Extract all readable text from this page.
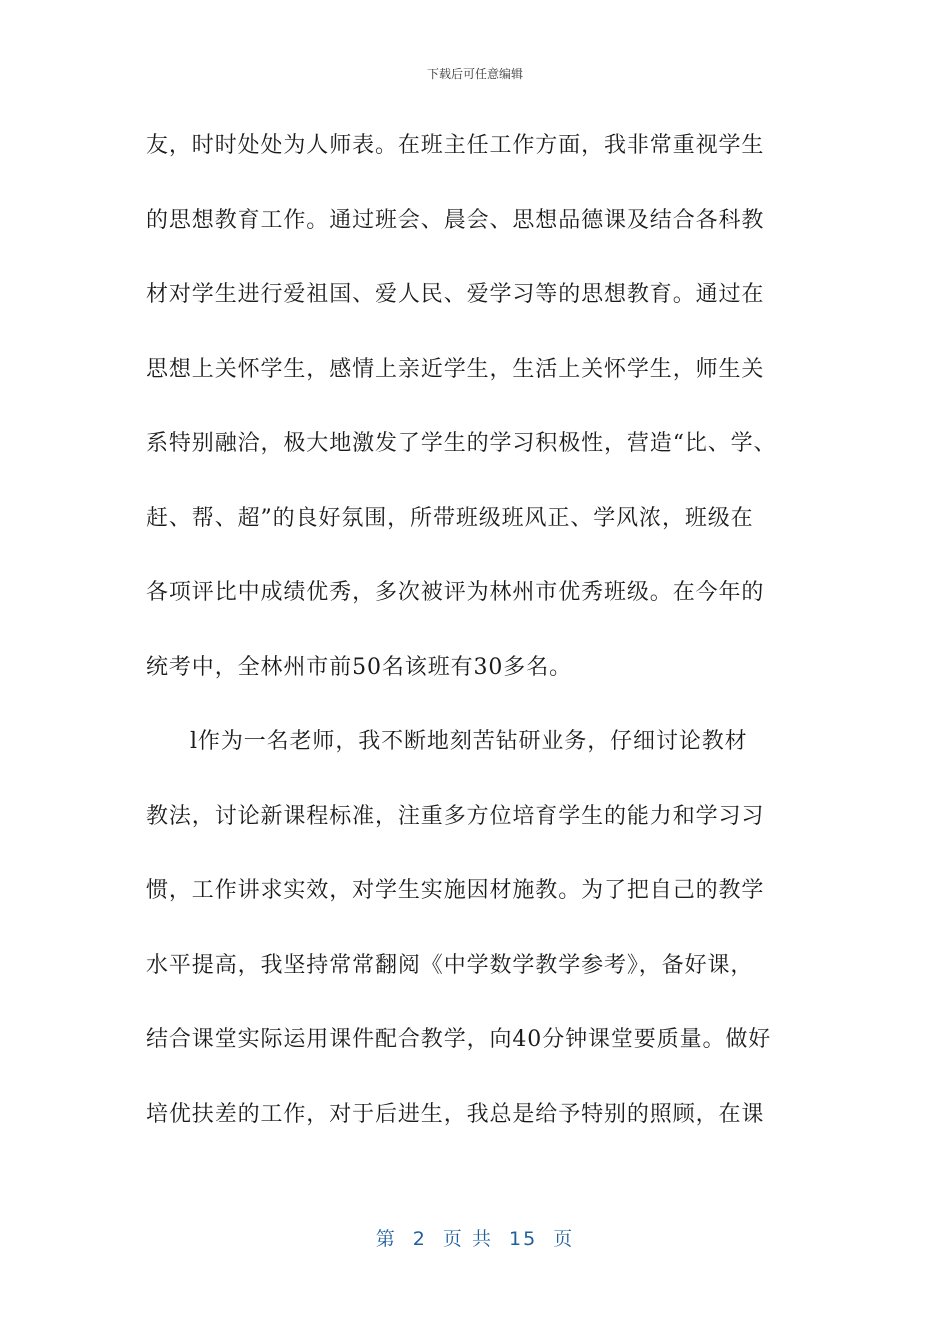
下载后可任意编辑
友，时时处处为人师表。在班主任工作方面，我非常重视学生
的思想教育工作。通过班会、晨会、思想品德课及结合各科教
材对学生进行爱祖国、爱人民、爱学习等的思想教育。通过在
思想上关怀学生，感情上亲近学生，生活上关怀学生，师生关
系特别融洽，极大地激发了学生的学习积极性，营造“比、学、
赶、帮、超”的良好氛围，所带班级班风正、学风浓，班级在
各项评比中成绩优秀，多次被评为林州市优秀班级。在今年的
统考中，全林州市前50名该班有30多名。
l作为一名老师，我不断地刻苦钻研业务，仔细讨论教材
教法，讨论新课程标准，注重多方位培育学生的能力和学习习
惯，工作讲求实效，对学生实施因材施教。为了把自己的教学
水平提高，我坚持常常翻阅《中学数学教学参考》，备好课，
结合课堂实际运用课件配合教学，向40分钟课堂要质量。做好
培优扶差的工作，对于后进生，我总是给予特别的照顾，在课
第  2  页 共  15  页
